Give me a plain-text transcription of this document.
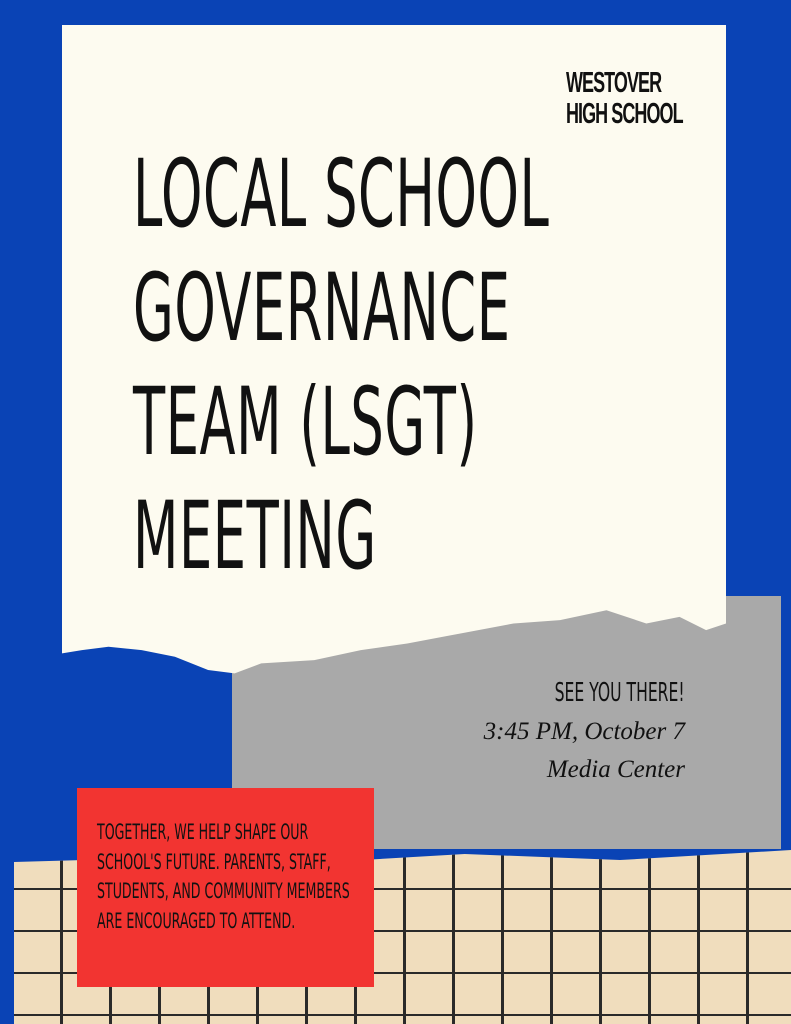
WESTOVER
HIGH SCHOOL
LOCAL SCHOOL
GOVERNANCE
TEAM (LSGT)
MEETING
SEE YOU THERE!
3:45 PM, October 7
Media Center
TOGETHER, WE HELP SHAPE OUR
SCHOOL'S FUTURE. PARENTS, STAFF,
STUDENTS, AND COMMUNITY MEMBERS
ARE ENCOURAGED TO ATTEND.
